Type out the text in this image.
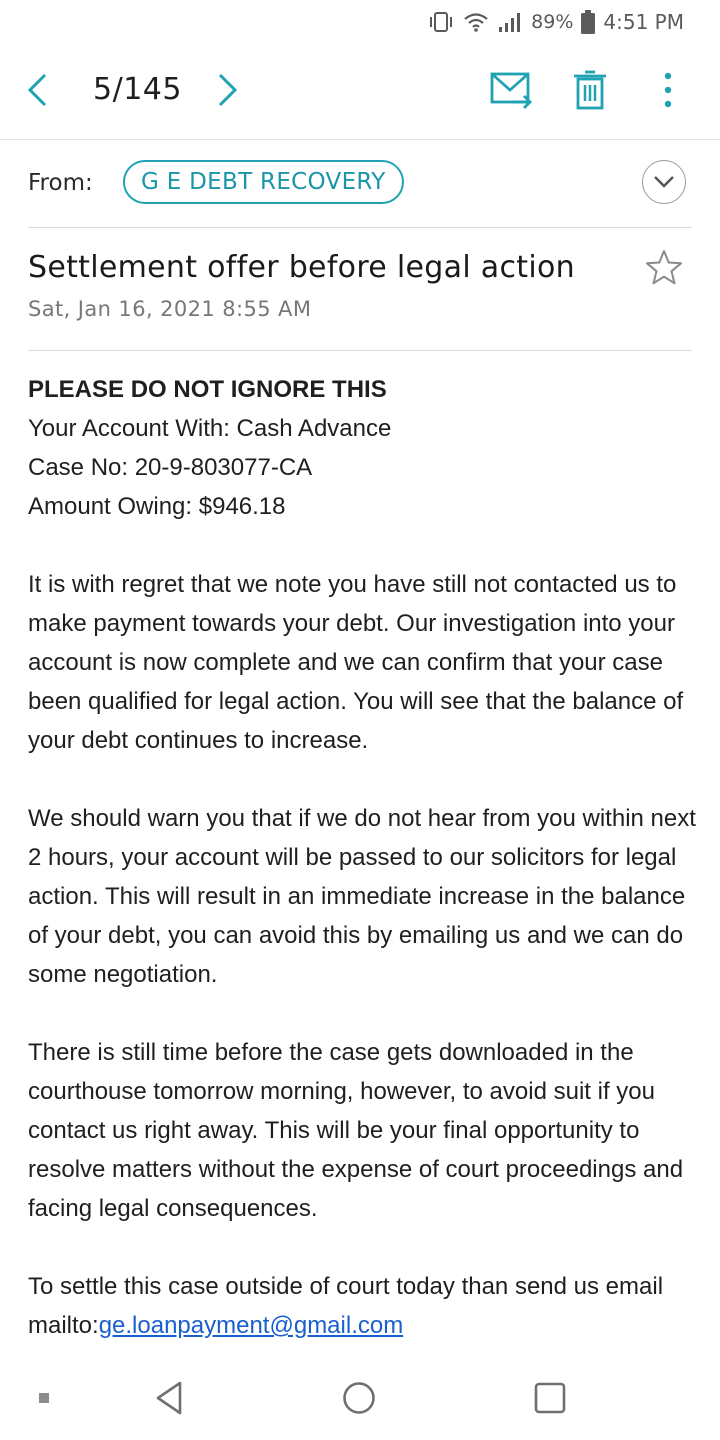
89% 4:51 PM
5/145
From:	G E DEBT RECOVERY
Settlement offer before legal action
Sat, Jan 16, 2021 8:55 AM

PLEASE DO NOT IGNORE THIS

Your Account With: Cash Advance

Case No: 20-9-803077-CA

Amount Owing: $946.18

It is with regret that we note you have still not contacted us to make payment towards your debt. Our investigation into your account is now complete and we can confirm that your case been qualified for legal action. You will see that the balance of your debt continues to increase.

We should warn you that if we do not hear from you within next 2 hours, your account will be passed to our solicitors for legal action. This will result in an immediate increase in the balance of your debt, you can avoid this by emailing us and we can do some negotiation.

There is still time before the case gets downloaded in the courthouse tomorrow morning, however, to avoid suit if you contact us right away. This will be your final opportunity to resolve matters without the expense of court proceedings and facing legal consequences.

To settle this case outside of court today than send us email mailto:ge.loanpayment@gmail.com
